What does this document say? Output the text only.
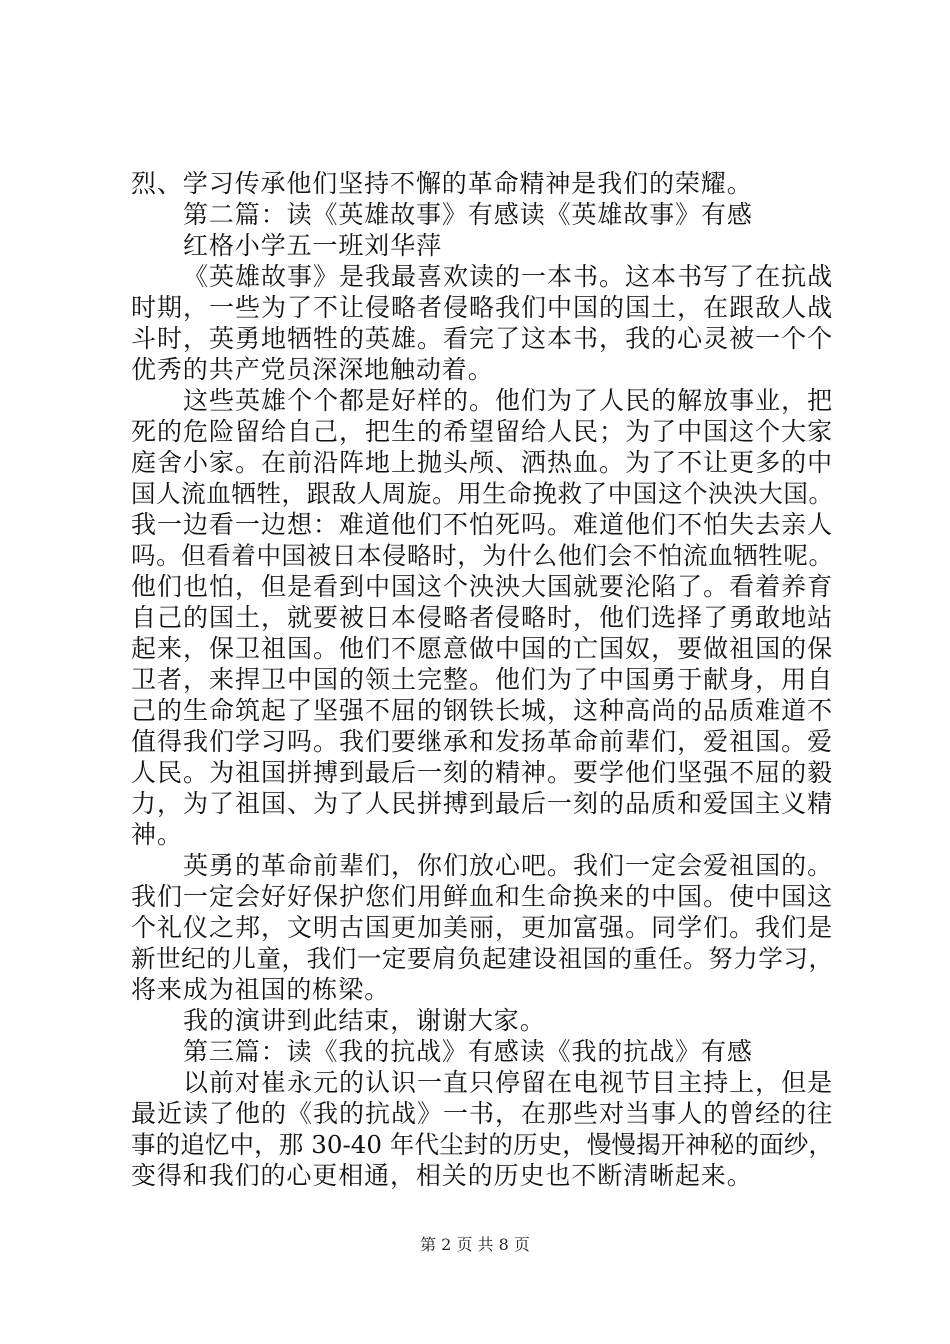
烈、学习传承他们坚持不懈的革命精神是我们的荣耀。
第二篇：读《英雄故事》有感读《英雄故事》有感
红格小学五一班刘华萍
《英雄故事》是我最喜欢读的一本书。这本书写了在抗战
时期，一些为了不让侵略者侵略我们中国的国土，在跟敌人战
斗时，英勇地牺牲的英雄。看完了这本书，我的心灵被一个个
优秀的共产党员深深地触动着。
这些英雄个个都是好样的。他们为了人民的解放事业，把
死的危险留给自己，把生的希望留给人民；为了中国这个大家
庭舍小家。在前沿阵地上抛头颅、洒热血。为了不让更多的中
国人流血牺牲，跟敌人周旋。用生命挽救了中国这个泱泱大国。
我一边看一边想：难道他们不怕死吗。难道他们不怕失去亲人
吗。但看着中国被日本侵略时，为什么他们会不怕流血牺牲呢。
他们也怕，但是看到中国这个泱泱大国就要沦陷了。看着养育
自己的国土，就要被日本侵略者侵略时，他们选择了勇敢地站
起来，保卫祖国。他们不愿意做中国的亡国奴，要做祖国的保
卫者，来捍卫中国的领土完整。他们为了中国勇于献身，用自
己的生命筑起了坚强不屈的钢铁长城，这种高尚的品质难道不
值得我们学习吗。我们要继承和发扬革命前辈们，爱祖国。爱
人民。为祖国拼搏到最后一刻的精神。要学他们坚强不屈的毅
力，为了祖国、为了人民拼搏到最后一刻的品质和爱国主义精
神。
英勇的革命前辈们，你们放心吧。我们一定会爱祖国的。
我们一定会好好保护您们用鲜血和生命换来的中国。使中国这
个礼仪之邦，文明古国更加美丽，更加富强。同学们。我们是
新世纪的儿童，我们一定要肩负起建设祖国的重任。努力学习，
将来成为祖国的栋梁。
我的演讲到此结束，谢谢大家。
第三篇：读《我的抗战》有感读《我的抗战》有感
以前对崔永元的认识一直只停留在电视节目主持上，但是
最近读了他的《我的抗战》一书，在那些对当事人的曾经的往
事的追忆中，那 30-40 年代尘封的历史，慢慢揭开神秘的面纱，
变得和我们的心更相通，相关的历史也不断清晰起来。
第 2 页 共 8 页
